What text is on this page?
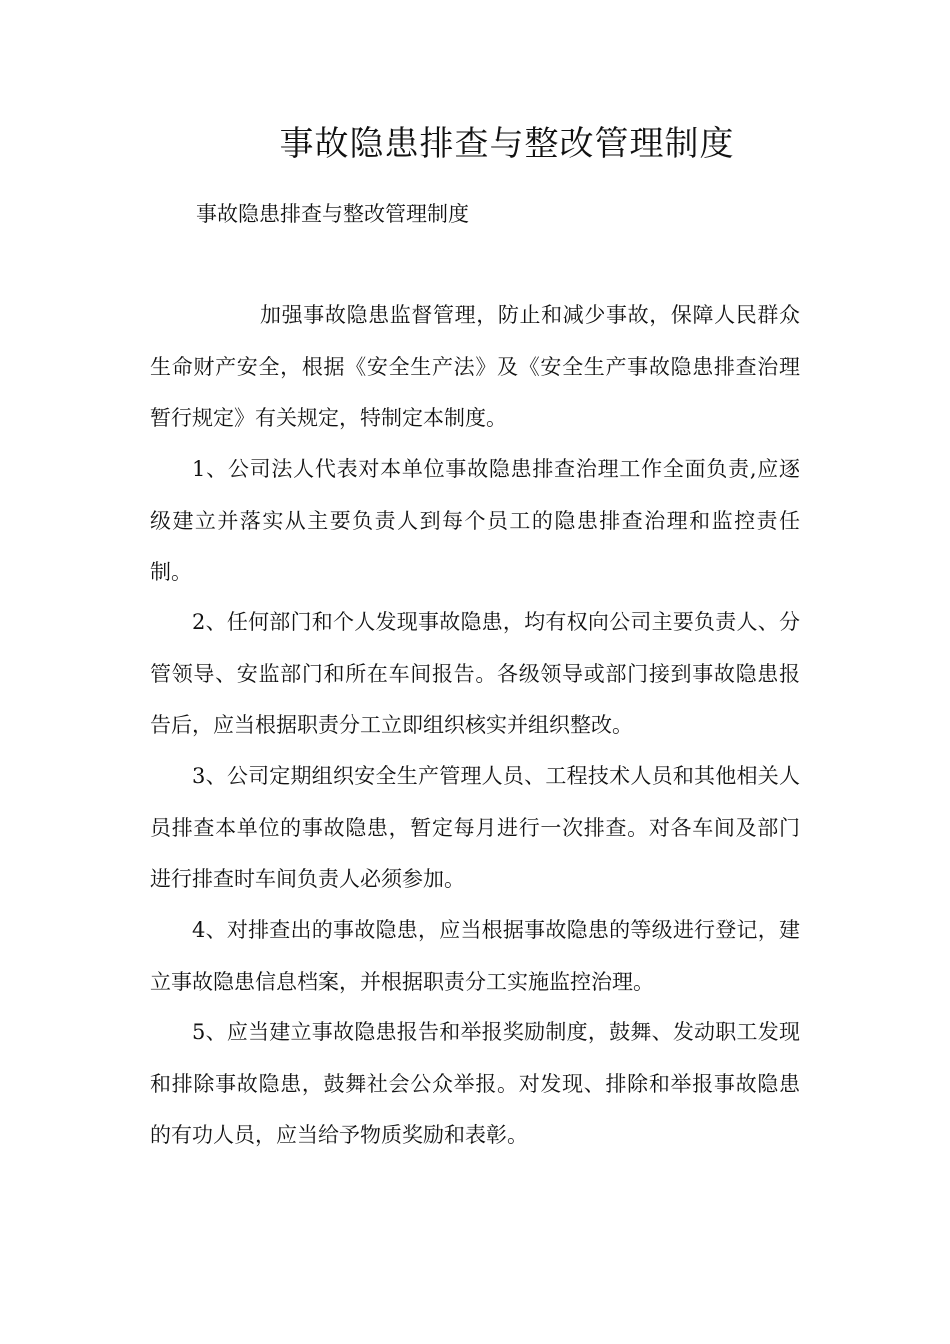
事故隐患排查与整改管理制度
事故隐患排查与整改管理制度

加强事故隐患监督管理，防止和减少事故，保障人民群众生命财产安全，根据《安全生产法》及《安全生产事故隐患排查治理暂行规定》有关规定，特制定本制度。

1、公司法人代表对本单位事故隐患排查治理工作全面负责,应逐级建立并落实从主要负责人到每个员工的隐患排查治理和监控责任制。

2、任何部门和个人发现事故隐患，均有权向公司主要负责人、分管领导、安监部门和所在车间报告。各级领导或部门接到事故隐患报告后，应当根据职责分工立即组织核实并组织整改。

3、公司定期组织安全生产管理人员、工程技术人员和其他相关人员排查本单位的事故隐患，暂定每月进行一次排查。对各车间及部门进行排查时车间负责人必须参加。

4、对排查出的事故隐患，应当根据事故隐患的等级进行登记，建立事故隐患信息档案，并根据职责分工实施监控治理。

5、应当建立事故隐患报告和举报奖励制度，鼓舞、发动职工发现和排除事故隐患，鼓舞社会公众举报。对发现、排除和举报事故隐患的有功人员，应当给予物质奖励和表彰。
